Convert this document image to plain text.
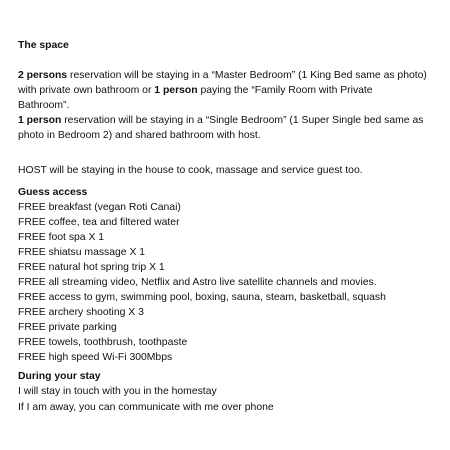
The space
2 persons reservation will be staying in a “Master Bedroom” (1 King Bed same as photo)
with private own bathroom or 1 person paying the “Family Room with Private
Bathroom”.
1 person reservation will be staying in a “Single Bedroom” (1 Super Single bed same as
photo in Bedroom 2) and shared bathroom with host.
HOST will be staying in the house to cook, massage and service guest too.
Guess access
FREE breakfast (vegan Roti Canai)
FREE coffee, tea and filtered water
FREE foot spa X 1
FREE shiatsu massage X 1
FREE natural hot spring trip X 1
FREE all streaming video, Netflix and Astro live satellite channels and movies.
FREE access to gym, swimming pool, boxing, sauna, steam, basketball, squash
FREE archery shooting X 3
FREE private parking
FREE towels, toothbrush, toothpaste
FREE high speed Wi-Fi 300Mbps
During your stay
I will stay in touch with you in the homestay
If I am away, you can communicate with me over phone
